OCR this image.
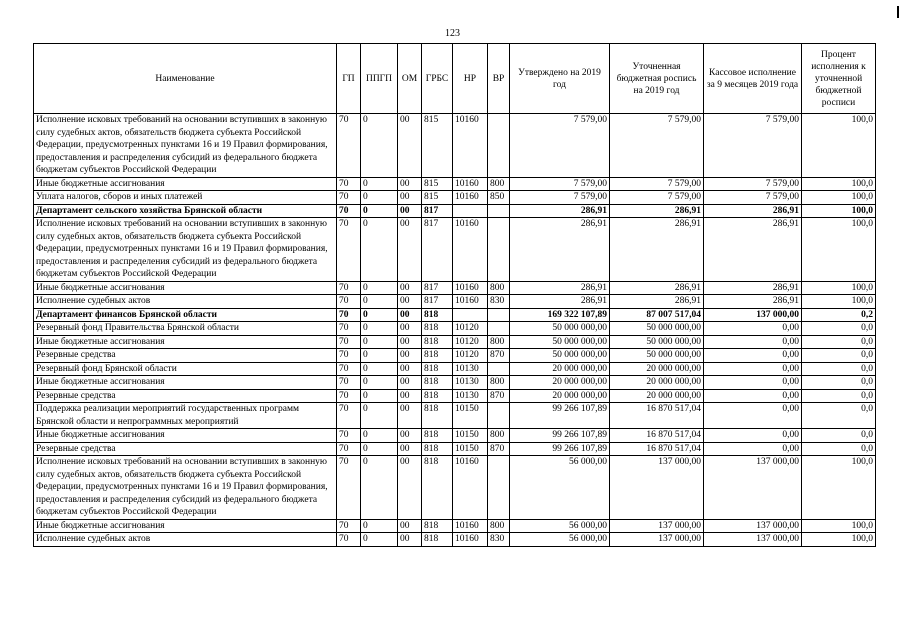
123
Наименование	ГП	ППГП	ОМ	ГРБС	НР	ВР	Утверждено на 2019 год	Уточненная бюджетная роспись на 2019 год	Кассовое исполнение за 9 месяцев 2019 года	Процент исполнения к уточненной бюджетной росписи
Исполнение исковых требований на основании вступивших в законную силу судебных актов, обязательств бюджета субъекта Российской Федерации, предусмотренных пунктами 16 и 19 Правил формирования, предоставления и распределения субсидий из федерального бюджета бюджетам субъектов Российской Федерации	70	0	00	815	10160		7 579,00	7 579,00	7 579,00	100,0
Иные бюджетные ассигнования	70	0	00	815	10160	800	7 579,00	7 579,00	7 579,00	100,0
Уплата налогов, сборов и иных платежей	70	0	00	815	10160	850	7 579,00	7 579,00	7 579,00	100,0
Департамент сельского хозяйства Брянской области	70	0	00	817			286,91	286,91	286,91	100,0
Исполнение исковых требований на основании вступивших в законную силу судебных актов, обязательств бюджета субъекта Российской Федерации, предусмотренных пунктами 16 и 19 Правил формирования, предоставления и распределения субсидий из федерального бюджета бюджетам субъектов Российской Федерации	70	0	00	817	10160		286,91	286,91	286,91	100,0
Иные бюджетные ассигнования	70	0	00	817	10160	800	286,91	286,91	286,91	100,0
Исполнение судебных актов	70	0	00	817	10160	830	286,91	286,91	286,91	100,0
Департамент финансов Брянской области	70	0	00	818			169 322 107,89	87 007 517,04	137 000,00	0,2
Резервный фонд Правительства Брянской области	70	0	00	818	10120		50 000 000,00	50 000 000,00	0,00	0,0
Иные бюджетные ассигнования	70	0	00	818	10120	800	50 000 000,00	50 000 000,00	0,00	0,0
Резервные средства	70	0	00	818	10120	870	50 000 000,00	50 000 000,00	0,00	0,0
Резервный фонд Брянской области	70	0	00	818	10130		20 000 000,00	20 000 000,00	0,00	0,0
Иные бюджетные ассигнования	70	0	00	818	10130	800	20 000 000,00	20 000 000,00	0,00	0,0
Резервные средства	70	0	00	818	10130	870	20 000 000,00	20 000 000,00	0,00	0,0
Поддержка реализации мероприятий государственных программ Брянской области и непрограммных мероприятий	70	0	00	818	10150		99 266 107,89	16 870 517,04	0,00	0,0
Иные бюджетные ассигнования	70	0	00	818	10150	800	99 266 107,89	16 870 517,04	0,00	0,0
Резервные средства	70	0	00	818	10150	870	99 266 107,89	16 870 517,04	0,00	0,0
Исполнение исковых требований на основании вступивших в законную силу судебных актов, обязательств бюджета субъекта Российской Федерации, предусмотренных пунктами 16 и 19 Правил формирования, предоставления и распределения субсидий из федерального бюджета бюджетам субъектов Российской Федерации	70	0	00	818	10160		56 000,00	137 000,00	137 000,00	100,0
Иные бюджетные ассигнования	70	0	00	818	10160	800	56 000,00	137 000,00	137 000,00	100,0
Исполнение судебных актов	70	0	00	818	10160	830	56 000,00	137 000,00	137 000,00	100,0
